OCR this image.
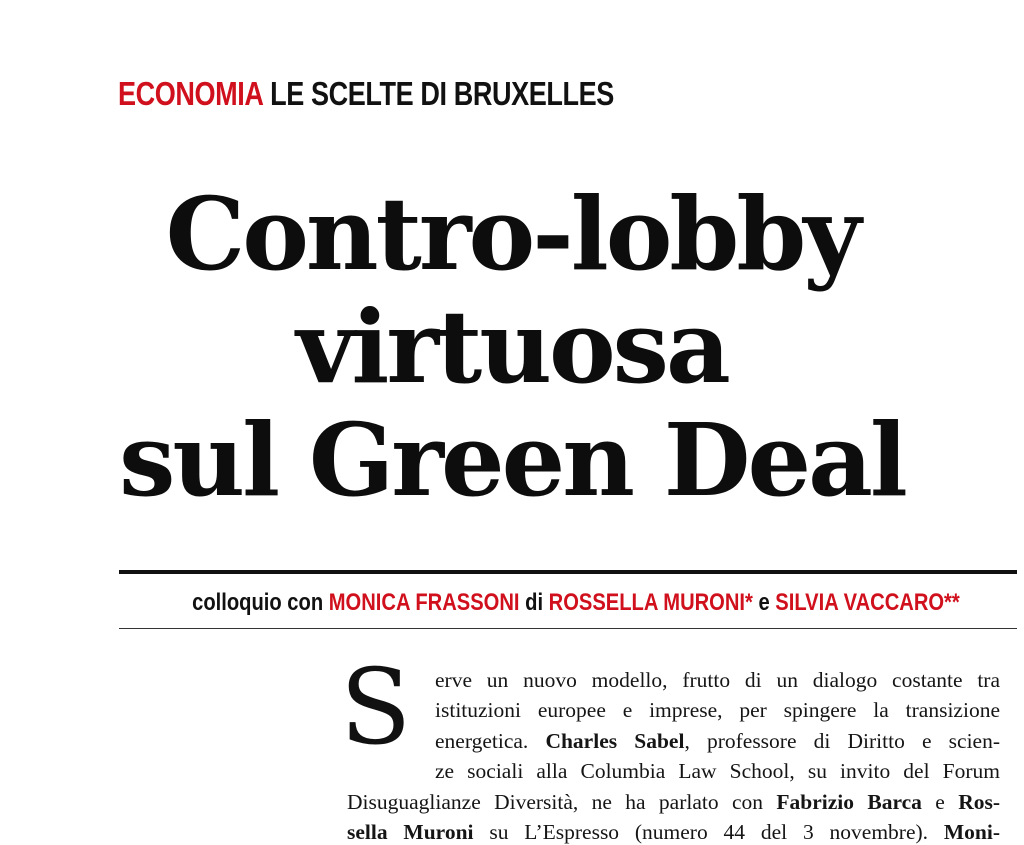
ECONOMIA LE SCELTE DI BRUXELLES
Contro-lobby
virtuosa
sul Green Deal
colloquio con MONICA FRASSONI di ROSSELLA MURONI* e SILVIA VACCARO**
S erve un nuovo modello, frutto di un dialogo costante tra
istituzioni europee e imprese, per spingere la transizione
energetica. Charles Sabel, professore di Diritto e scien-
ze sociali alla Columbia Law School, su invito del Forum
Disuguaglianze Diversità, ne ha parlato con Fabrizio Barca e Ros-
sella Muroni su L’Espresso (numero 44 del 3 novembre). Moni-
